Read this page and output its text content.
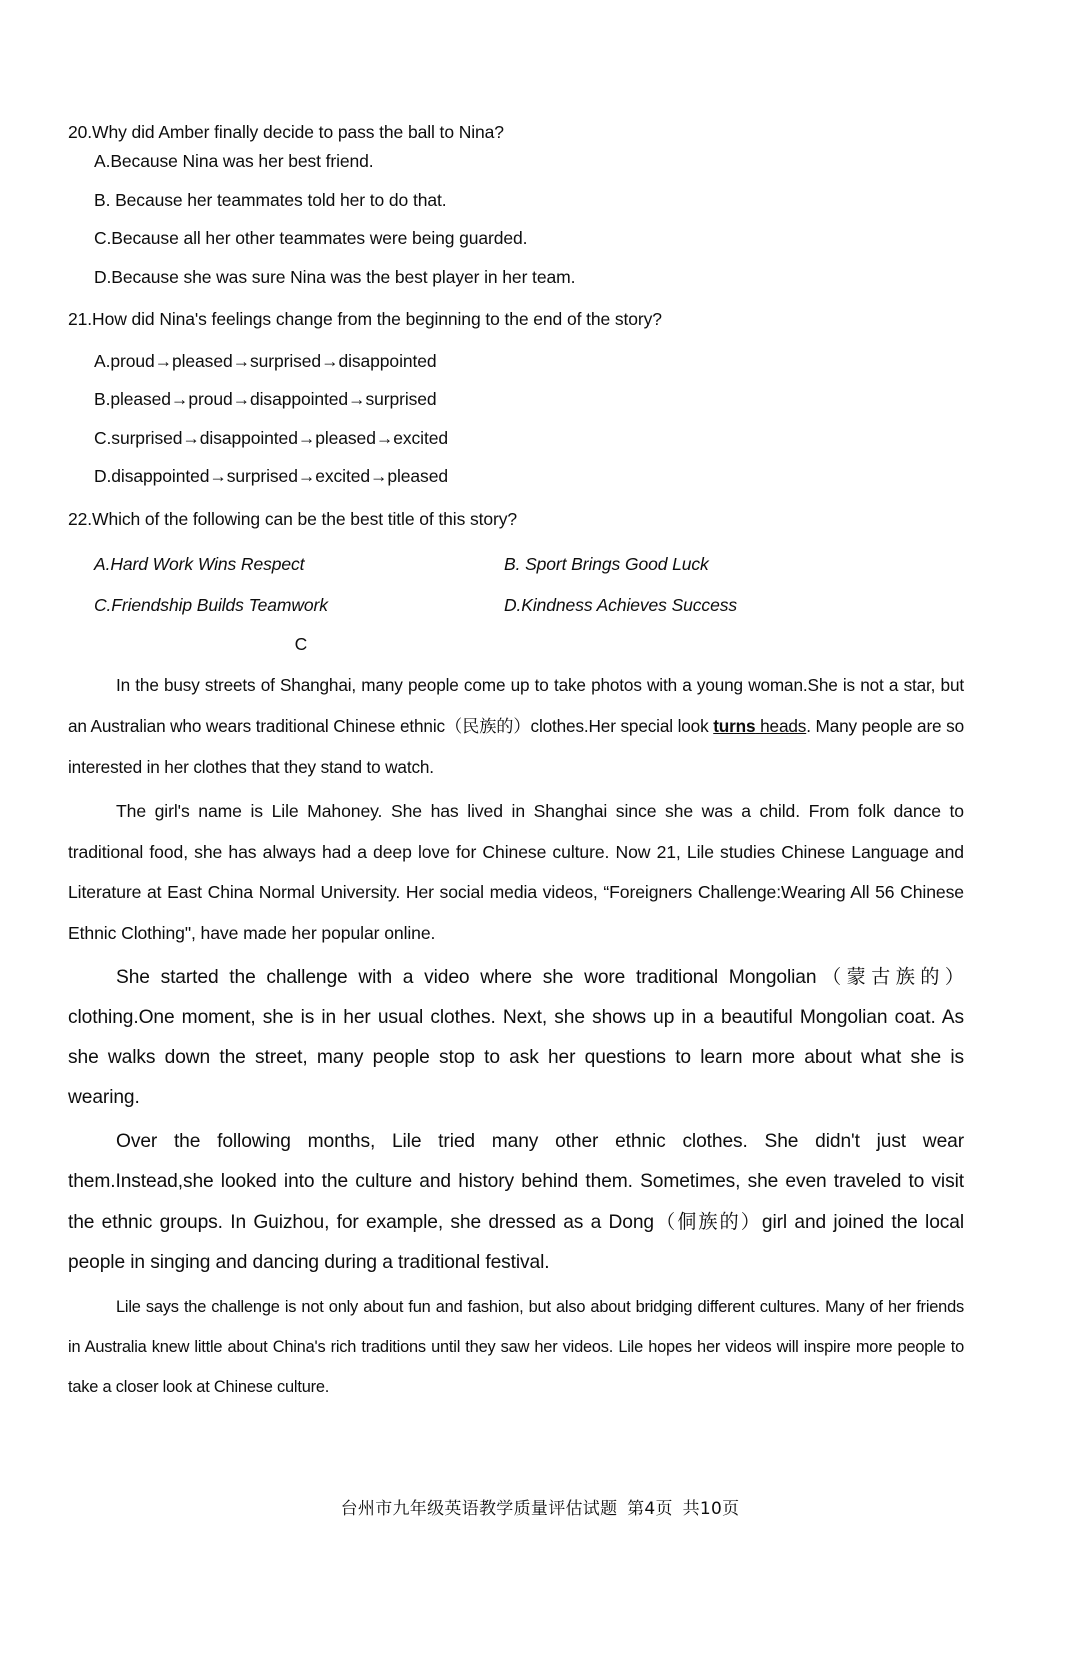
20.Why did Amber finally decide to pass the ball to Nina?

A.Because Nina was her best friend.

B. Because her teammates told her to do that.

C.Because all her other teammates were being guarded.

D.Because she was sure Nina was the best player in her team.

21.How did Nina's feelings change from the beginning to the end of the story?

A.proud→pleased→surprised→disappointed

B.pleased→proud→disappointed→surprised

C.surprised→disappointed→pleased→excited

D.disappointed→surprised→excited→pleased

22.Which of the following can be the best title of this story?

A.Hard Work Wins Respect	B. Sport Brings Good Luck
C.Friendship Builds Teamwork	D.Kindness Achieves Success
C

In the busy streets of Shanghai, many people come up to take photos with a young woman.She is not a star, but an Australian who wears traditional Chinese ethnic（民族的）clothes.Her special look turns heads. Many people are so interested in her clothes that they stand to watch.

The girl's name is Lile Mahoney. She has lived in Shanghai since she was a child. From folk dance to traditional food, she has always had a deep love for Chinese culture. Now 21, Lile studies Chinese Language and Literature at East China Normal University. Her social media videos, “Foreigners Challenge:Wearing All 56 Chinese Ethnic Clothing", have made her popular online.

She started the challenge with a video where she wore traditional Mongolian（蒙古族的）clothing.One moment, she is in her usual clothes. Next, she shows up in a beautiful Mongolian coat. As she walks down the street, many people stop to ask her questions to learn more about what she is wearing.

Over the following months, Lile tried many other ethnic clothes. She didn't just wear them.Instead,she looked into the culture and history behind them. Sometimes, she even traveled to visit the ethnic groups. In Guizhou, for example, she dressed as a Dong（侗族的）girl and joined the local people in singing and dancing during a traditional festival.

Lile says the challenge is not only about fun and fashion, but also about bridging different cultures. Many of her friends in Australia knew little about China's rich traditions until they saw her videos. Lile hopes her videos will inspire more people to take a closer look at Chinese culture.

台州市九年级英语教学质量评估试题 第4页 共10页
